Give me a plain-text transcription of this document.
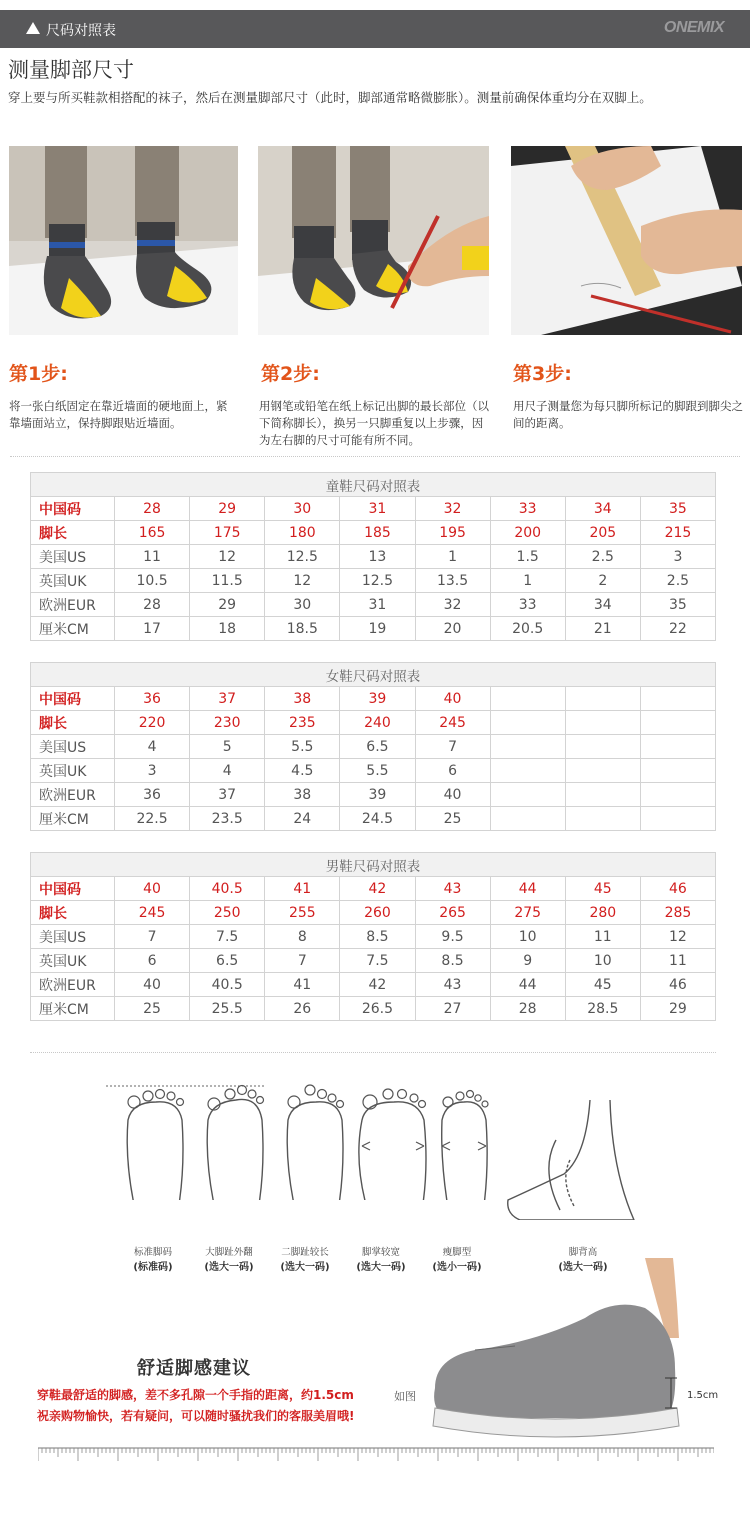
尺码对照表	ONEMIX
测量脚部尺寸
穿上要与所买鞋款相搭配的袜子，然后在测量脚部尺寸（此时，脚部通常略微膨胀）。测量前确保体重均分在双脚上。
第1步:	第2步:	第3步:
将一张白纸固定在靠近墙面的硬地面上，紧靠墙面站立，保持脚跟贴近墙面。
用钢笔或铅笔在纸上标记出脚的最长部位（以下简称脚长），换另一只脚重复以上步骤，因为左右脚的尺寸可能有所不同。
用尺子测量您为每只脚所标记的脚跟到脚尖之间的距离。
童鞋尺码对照表								
中国码	28	29	30	31	32	33	34	35
脚长	165	175	180	185	195	200	205	215
美国US	11	12	12.5	13	1	1.5	2.5	3
英国UK	10.5	11.5	12	12.5	13.5	1	2	2.5
欧洲EUR	28	29	30	31	32	33	34	35
厘米CM	17	18	18.5	19	20	20.5	21	22
女鞋尺码对照表								
中国码	36	37	38	39	40			
脚长	220	230	235	240	245			
美国US	4	5	5.5	6.5	7			
英国UK	3	4	4.5	5.5	6			
欧洲EUR	36	37	38	39	40			
厘米CM	22.5	23.5	24	24.5	25			
男鞋尺码对照表								
中国码	40	40.5	41	42	43	44	45	46
脚长	245	250	255	260	265	275	280	285
美国US	7	7.5	8	8.5	9.5	10	11	12
英国UK	6	6.5	7	7.5	8.5	9	10	11
欧洲EUR	40	40.5	41	42	43	44	45	46
厘米CM	25	25.5	26	26.5	27	28	28.5	29
标准脚码
(标准码)
大脚趾外翻
(选大一码)
二脚趾较长
(选大一码)
脚掌较宽
(选大一码)
瘦脚型
(选小一码)
脚背高
(选大一码)
舒适脚感建议
穿鞋最舒适的脚感，差不多孔隙一个手指的距离，约1.5cm
祝亲购物愉快，若有疑问，可以随时骚扰我们的客服美眉哦!
如图	1.5cm
